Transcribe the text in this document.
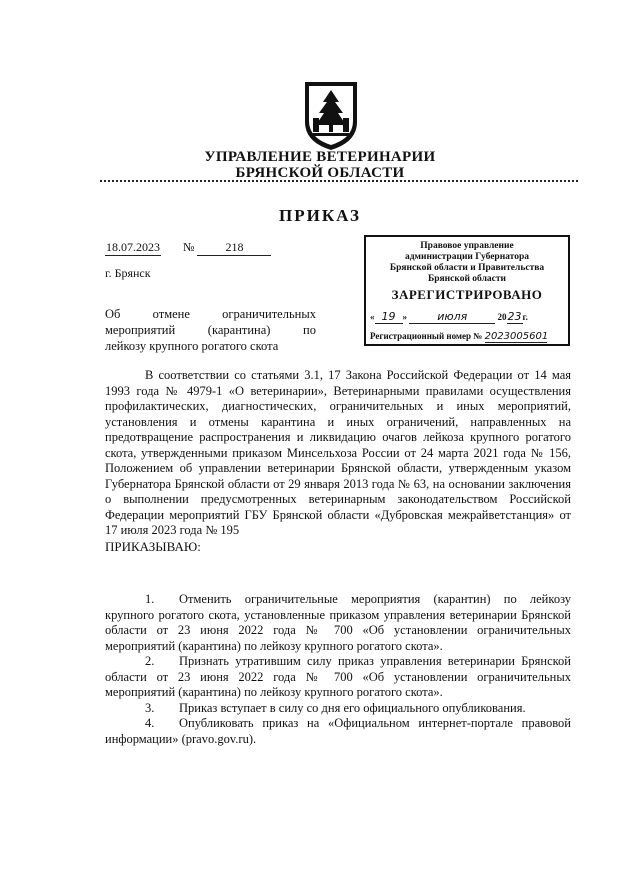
УПРАВЛЕНИЕ ВЕТЕРИНАРИИ
БРЯНСКОЙ ОБЛАСТИ
ПРИКАЗ
18.07.2023 №	218
г. Брянск
Правовое управление
администрации Губернатора
Брянской области и Правительства
Брянской области
ЗАРЕГИСТРИРОВАНО
« 19 »	июля	2023г.
Регистрационный номер № 2023005601
Об отмене ограничительных
мероприятий (карантина) по
лейкозу крупного рогатого скота

В соответствии со статьями 3.1, 17 Закона Российской Федерации от 14 мая 1993 года № 4979-1 «О ветеринарии», Ветеринарными правилами осуществления профилактических, диагностических, ограничительных и иных мероприятий, установления и отмены карантина и иных ограничений, направленных на предотвращение распространения и ликвидацию очагов лейкоза крупного рогатого скота, утвержденными приказом Минсельхоза России от 24 марта 2021 года № 156, Положением об управлении ветеринарии Брянской области, утвержденным указом Губернатора Брянской области от 29 января 2013 года № 63, на основании заключения о выполнении предусмотренных ветеринарным законодательством Российской Федерации мероприятий ГБУ Брянской области «Дубровская межрайветстанция» от 17 июля 2023 года № 195

ПРИКАЗЫВАЮ:

1. Отменить ограничительные мероприятия (карантин) по лейкозу крупного рогатого скота, установленные приказом управления ветеринарии Брянской области от 23 июня 2022 года № 700 «Об установлении ограничительных мероприятий (карантина) по лейкозу крупного рогатого скота».

2. Признать утратившим силу приказ управления ветеринарии Брянской области от 23 июня 2022 года № 700 «Об установлении ограничительных мероприятий (карантина) по лейкозу крупного рогатого скота».

3. Приказ вступает в силу со дня его официального опубликования.

4. Опубликовать приказ на «Официальном интернет-портале правовой информации» (pravo.gov.ru).
